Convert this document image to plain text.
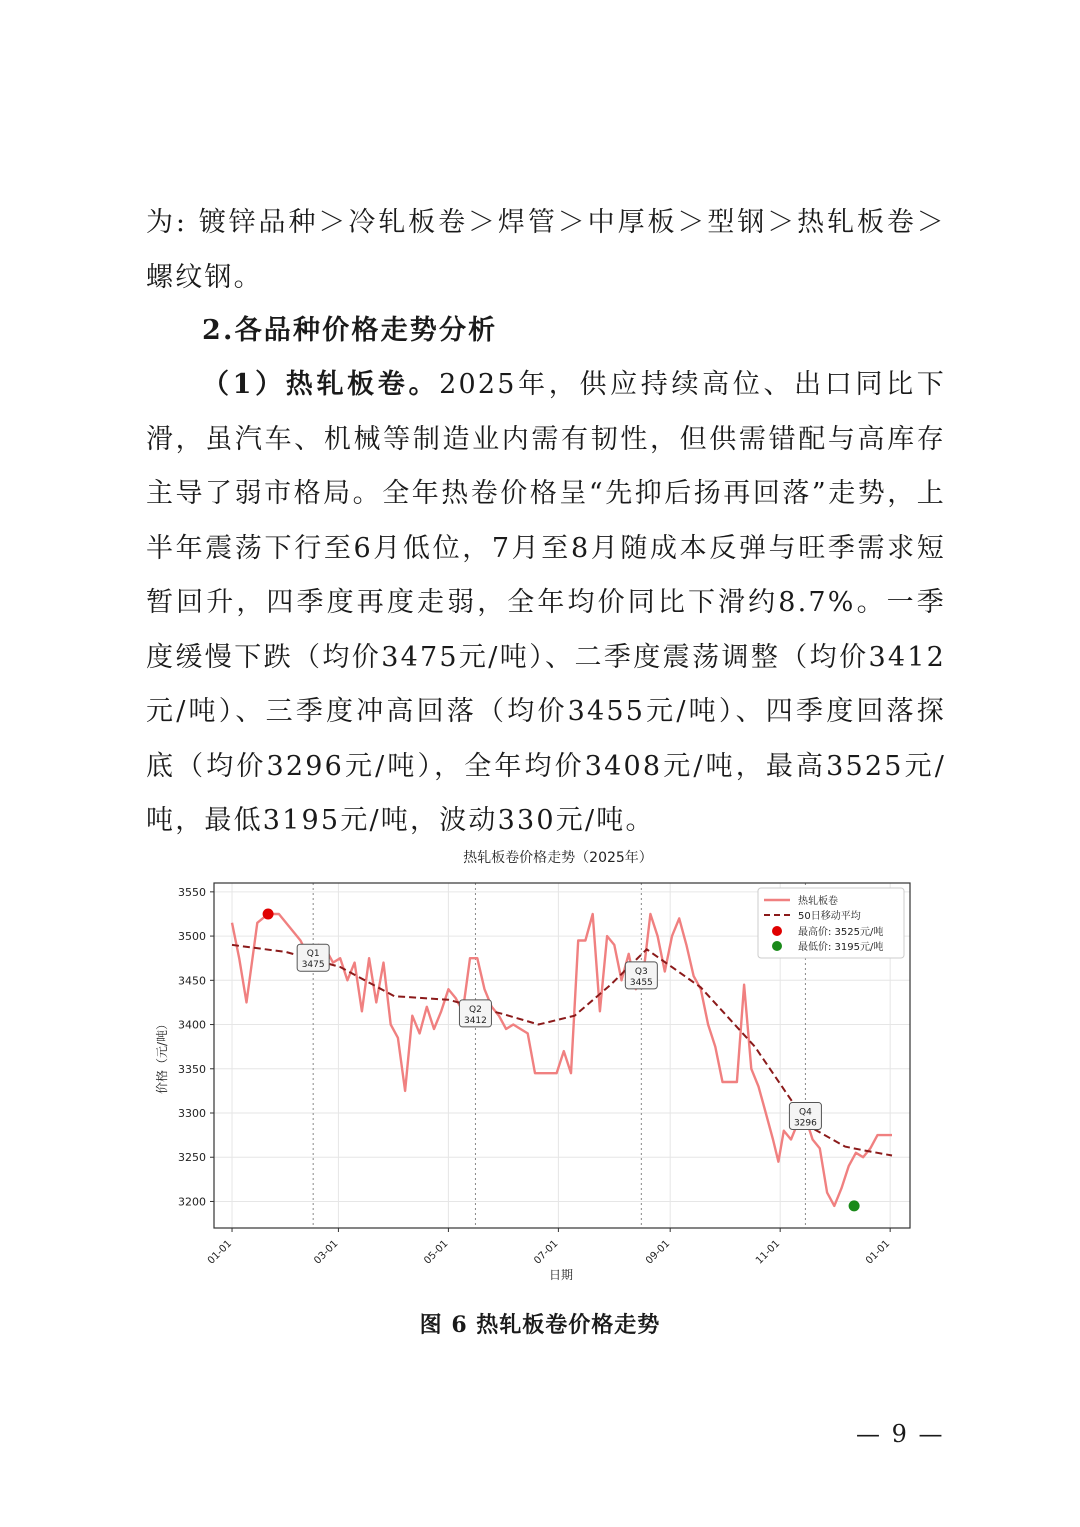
为: 镀锌品种＞冷轧板卷＞焊管＞中厚板＞型钢＞热轧板卷＞螺纹钢。

2.各品种价格走势分析

（1）热轧板卷。2025年，供应持续高位、出口同比下滑，虽汽车、机械等制造业内需有韧性，但供需错配与高库存主导了弱市格局。全年热卷价格呈“先抑后扬再回落”走势，上半年震荡下行至6月低位，7月至8月随成本反弹与旺季需求短暂回升，四季度再度走弱，全年均价同比下滑约8.7%。一季度缓慢下跌（均价3475元/吨）、二季度震荡调整（均价3412元/吨）、三季度冲高回落（均价3455元/吨）、四季度回落探底（均价3296元/吨），全年均价3408元/吨，最高3525元/吨，最低3195元/吨，波动330元/吨。

热轧板卷价格走势（2025年）
Q1
3475
Q2
3412
Q3
3455
Q4
3296
3200
3250
3300
3350
3400
3450
3500
3550
01-01	03-01	05-01	07-01	09-01	11-01	01-01
日期
价格（元/吨）
热轧板卷
50日移动平均
最高价: 3525元/吨
最低价: 3195元/吨
图 6 热轧板卷价格走势
— 9 —
